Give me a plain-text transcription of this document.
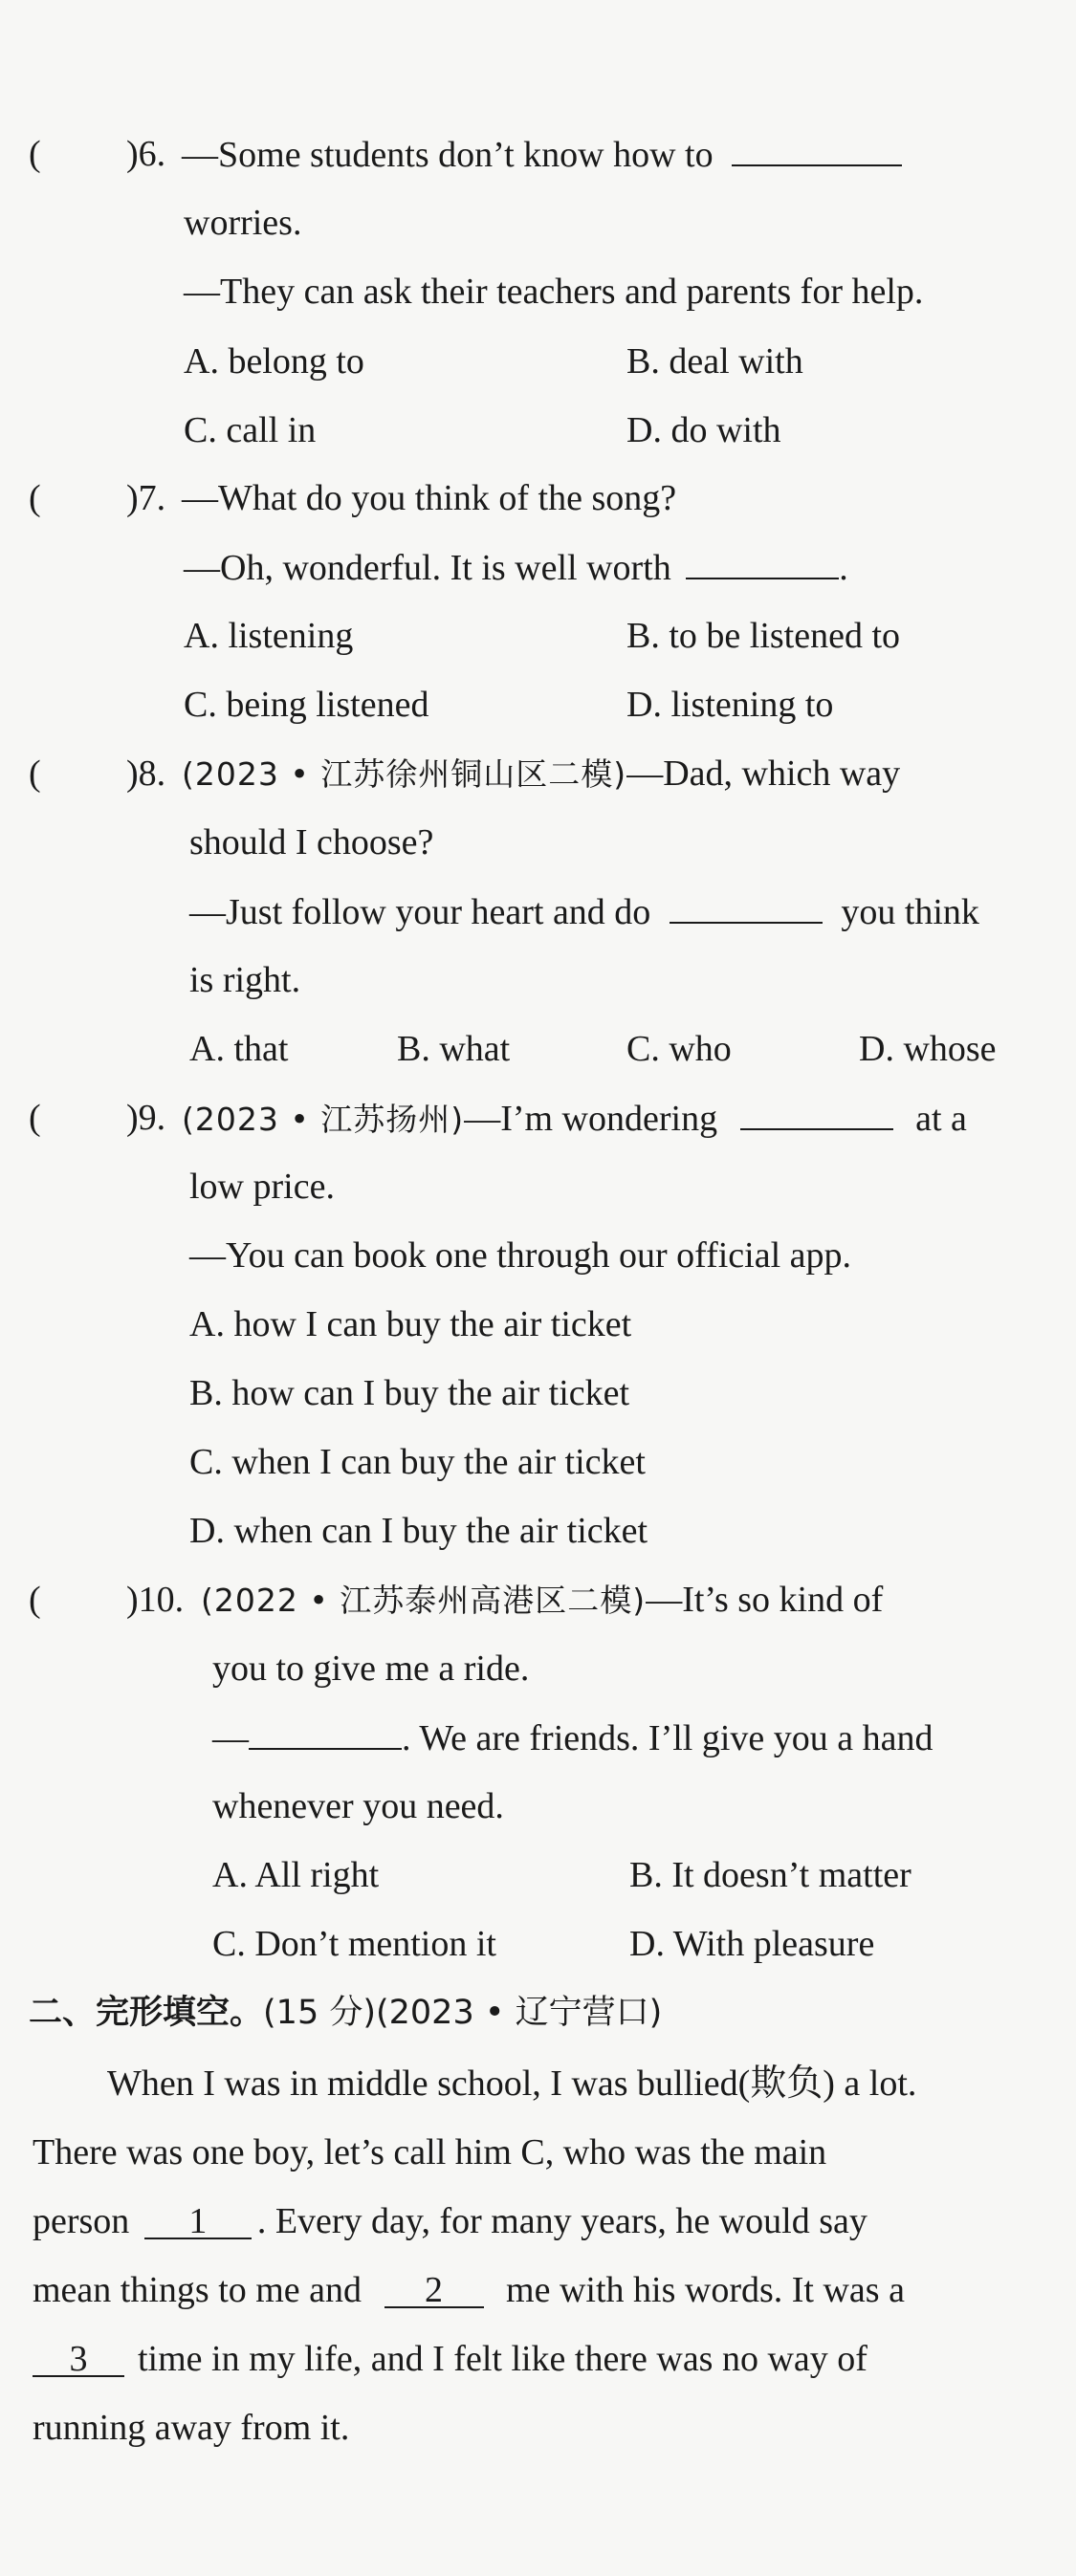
( )6. —Some students don’t know how to
worries.
—They can ask their teachers and parents for help.
A. belong to	B. deal with
C. call in	D. do with
( )7. —What do you think of the song?
—Oh, wonderful. It is well worth	.
A. listening	B. to be listened to
C. being listened	D. listening to
( )8. (2023 • 江苏徐州铜山区二模)—Dad, which way
should I choose?
—Just follow your heart and do	you think
is right.
A. that	B. what	C. who	D. whose
( )9. (2023 • 江苏扬州)—I’m wondering	at a
low price.
—You can book one through our official app.
A. how I can buy the air ticket
B. how can I buy the air ticket
C. when I can buy the air ticket
D. when can I buy the air ticket
( )10. (2022 • 江苏泰州高港区二模)—It’s so kind of
you to give me a ride.
—	. We are friends. I’ll give you a hand
whenever you need.
A. All right	B. It doesn’t matter
C. Don’t mention it	D. With pleasure
二、完形填空。(15 分)(2023 • 辽宁营口)
When I was in middle school, I was bullied(欺负) a lot.
There was one boy, let’s call him C, who was the main
person 1 . Every day, for many years, he would say
mean things to me and 2 me with his words. It was a
3 time in my life, and I felt like there was no way of
running away from it.
